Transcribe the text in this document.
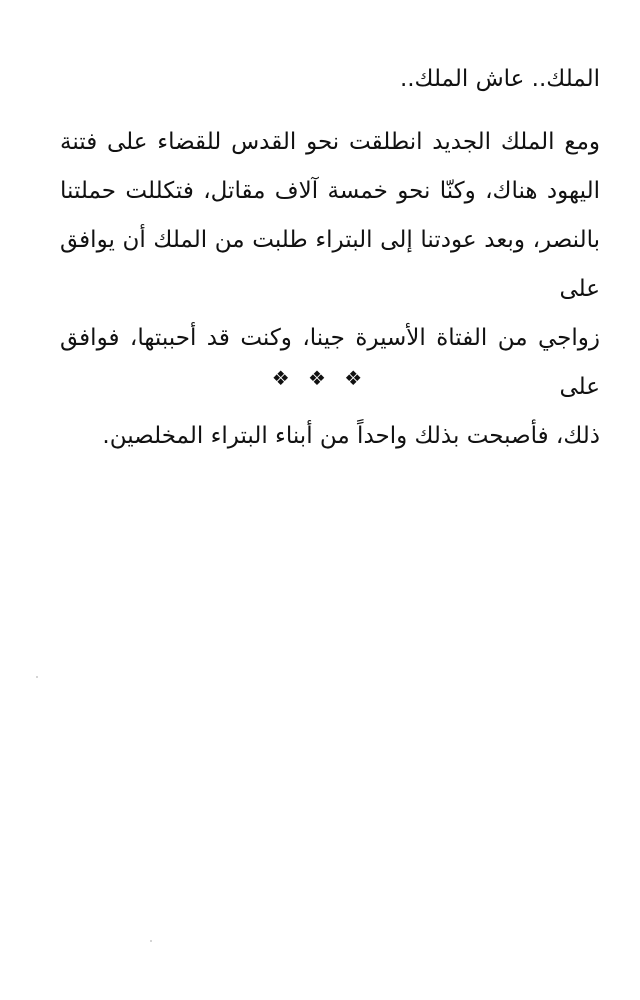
الملك.. عاش الملك..

ومع الملك الجديد انطلقت نحو القدس للقضاء على فتنة

اليهود هناك، وكنّا نحو خمسة آلاف مقاتل، فتكللت حملتنا

بالنصر، وبعد عودتنا إلى البتراء طلبت من الملك أن يوافق على

زواجي من الفتاة الأسيرة جينا، وكنت قد أحببتها، فوافق على

ذلك، فأصبحت بذلك واحداً من أبناء البتراء المخلصين.

❖ ❖ ❖
